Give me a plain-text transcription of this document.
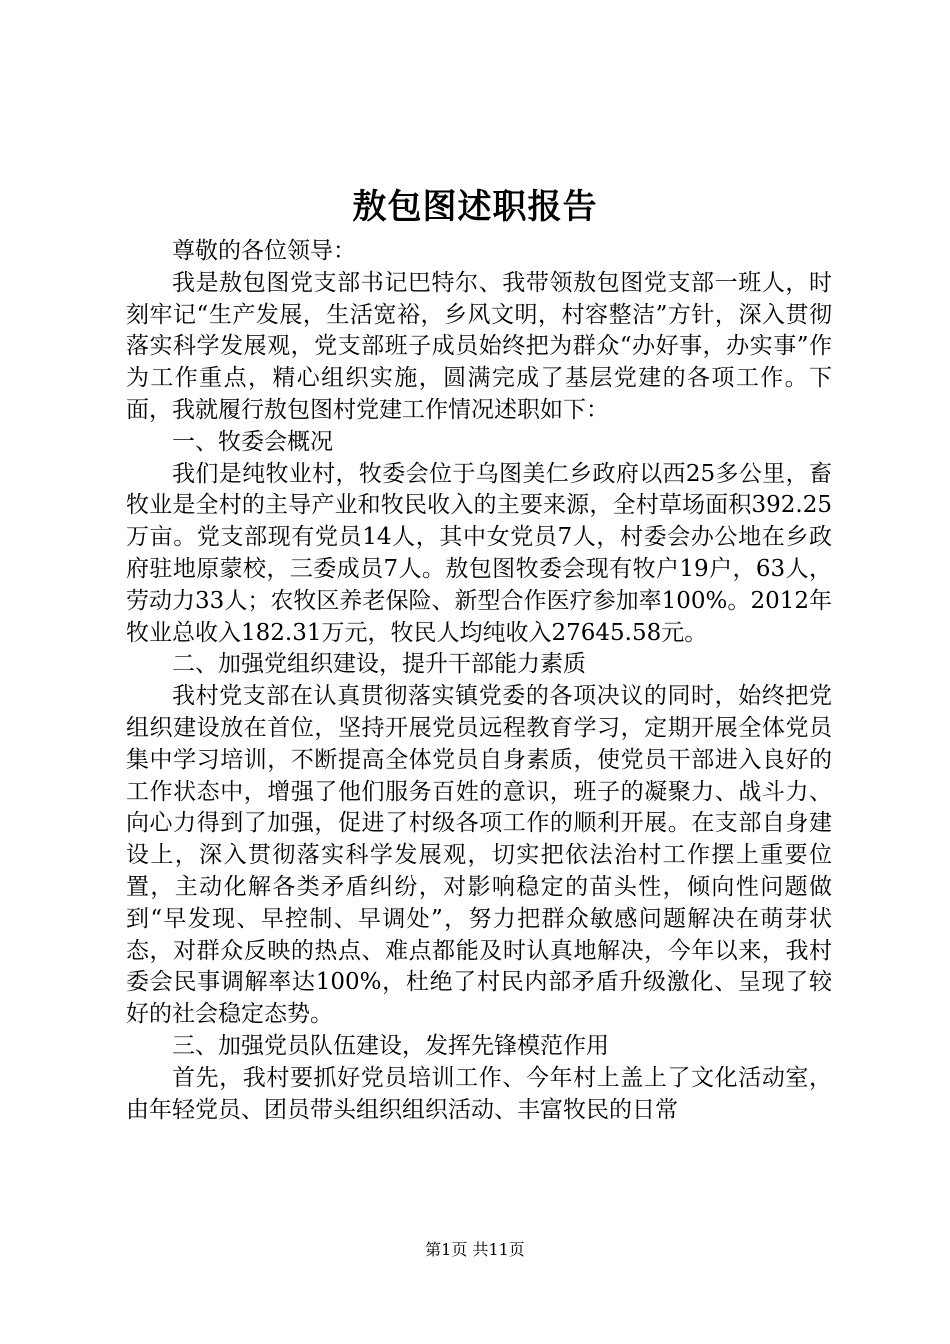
敖包图述职报告

尊敬的各位领导：

我是敖包图党支部书记巴特尔、我带领敖包图党支部一班人，时刻牢记“生产发展，生活宽裕，乡风文明，村容整洁”方针，深入贯彻落实科学发展观，党支部班子成员始终把为群众“办好事，办实事”作为工作重点，精心组织实施，圆满完成了基层党建的各项工作。下面，我就履行敖包图村党建工作情况述职如下：

一、牧委会概况

我们是纯牧业村，牧委会位于乌图美仁乡政府以西25多公里，畜牧业是全村的主导产业和牧民收入的主要来源，全村草场面积392.25万亩。党支部现有党员14人，其中女党员7人，村委会办公地在乡政府驻地原蒙校，三委成员7人。敖包图牧委会现有牧户19户，63人，劳动力33人；农牧区养老保险、新型合作医疗参加率100%。2012年牧业总收入182.31万元，牧民人均纯收入27645.58元。

二、加强党组织建设，提升干部能力素质

我村党支部在认真贯彻落实镇党委的各项决议的同时，始终把党组织建设放在首位，坚持开展党员远程教育学习，定期开展全体党员集中学习培训，不断提高全体党员自身素质，使党员干部进入良好的工作状态中，增强了他们服务百姓的意识，班子的凝聚力、战斗力、向心力得到了加强，促进了村级各项工作的顺利开展。在支部自身建设上，深入贯彻落实科学发展观，切实把依法治村工作摆上重要位置，主动化解各类矛盾纠纷，对影响稳定的苗头性，倾向性问题做到“早发现、早控制、早调处”，努力把群众敏感问题解决在萌芽状态，对群众反映的热点、难点都能及时认真地解决，今年以来，我村委会民事调解率达100%，杜绝了村民内部矛盾升级激化、呈现了较好的社会稳定态势。

三、加强党员队伍建设，发挥先锋模范作用

首先，我村要抓好党员培训工作、今年村上盖上了文化活动室，由年轻党员、团员带头组织组织活动、丰富牧民的日常

第1页 共11页
